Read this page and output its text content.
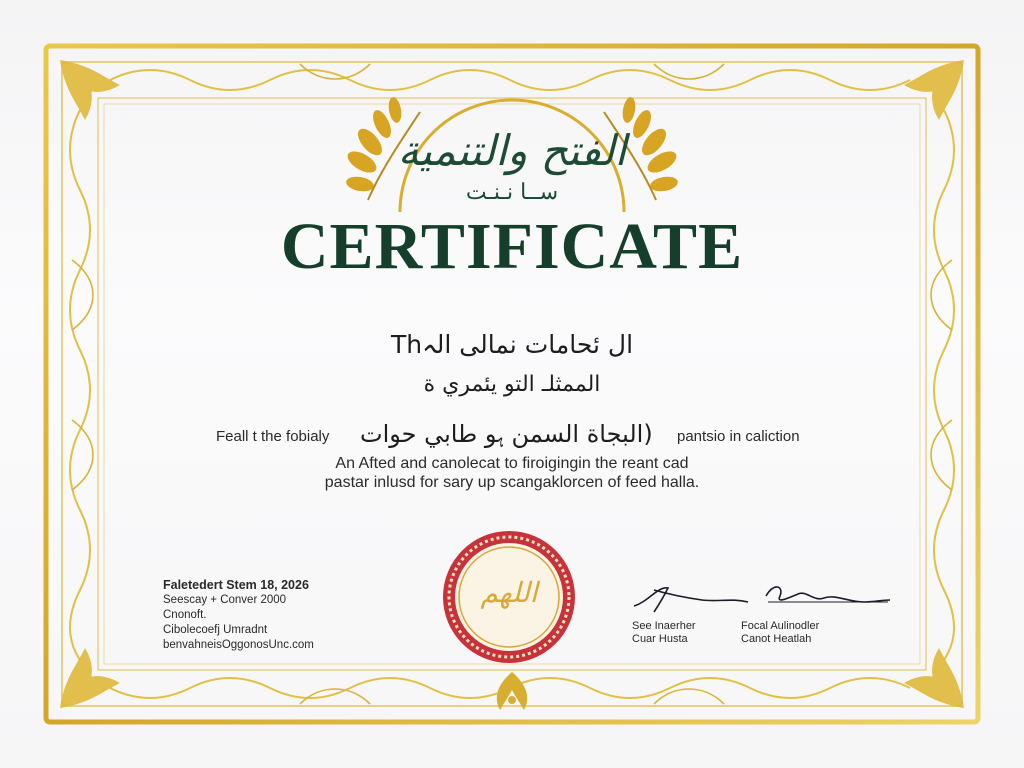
الفتح والتنمية
ســا نـنـت
CERTIFICATE
Thال ئحامات نمالی الہ
الممثلـ التو يئمري ة
Feall t the fobialy البجاة السمن ﮨﻮ طابي حوات) pantsio in caliction
An Afted and canolecat to firoigingin the reant cad
pastar inlusd for sary up scangaklorcen of feed halla.
Faletedert Stem 18, 2026
Seescay + Conver 2000
Cnonoft.
Cibolecoefj Umradnt
benvahneisOggonosUnc.com
اللهم
See Inaerher
Cuar Husta
Focal Aulinodler
Canot Heatlah
